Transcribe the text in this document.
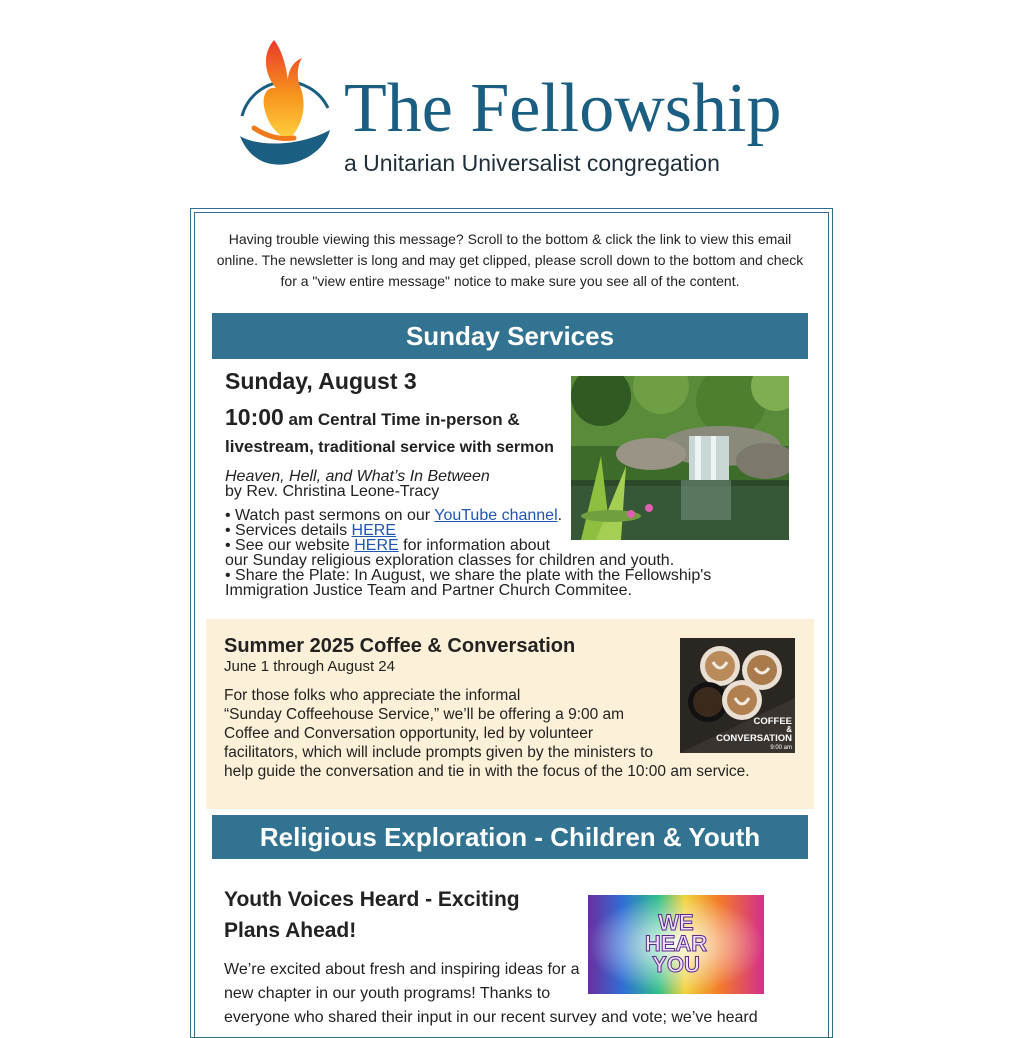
The Fellowship
a Unitarian Universalist congregation
Having trouble viewing this message? Scroll to the bottom & click the link to view this email online. The newsletter is long and may get clipped, please scroll down to the bottom and check for a "view entire message" notice to make sure you see all of the content.
Sunday Services
Sunday, August 3
10:00 am Central Time in-person &
livestream, traditional service with sermon
Heaven, Hell, and What’s In Between
by Rev. Christina Leone-Tracy
• Watch past sermons on our YouTube channel.
• Services details HERE
• See our website HERE for information about
our Sunday religious exploration classes for children and youth.
• Share the Plate: In August, we share the plate with the Fellowship's
Immigration Justice Team and Partner Church Commitee.
Summer 2025 Coffee & Conversation
June 1 through August 24
For those folks who appreciate the informal
“Sunday Coffeehouse Service,” we’ll be offering a 9:00 am
Coffee and Conversation opportunity, led by volunteer
facilitators, which will include prompts given by the ministers to
help guide the conversation and tie in with the focus of the 10:00 am service.
COFFEE
&
CONVERSATION
9:00 am
Religious Exploration - Children & Youth
Youth Voices Heard - Exciting Plans Ahead!
We’re excited about fresh and inspiring ideas for a
new chapter in our youth programs! Thanks to
everyone who shared their input in our recent survey and vote; we’ve heard
WE
HEAR
YOU
